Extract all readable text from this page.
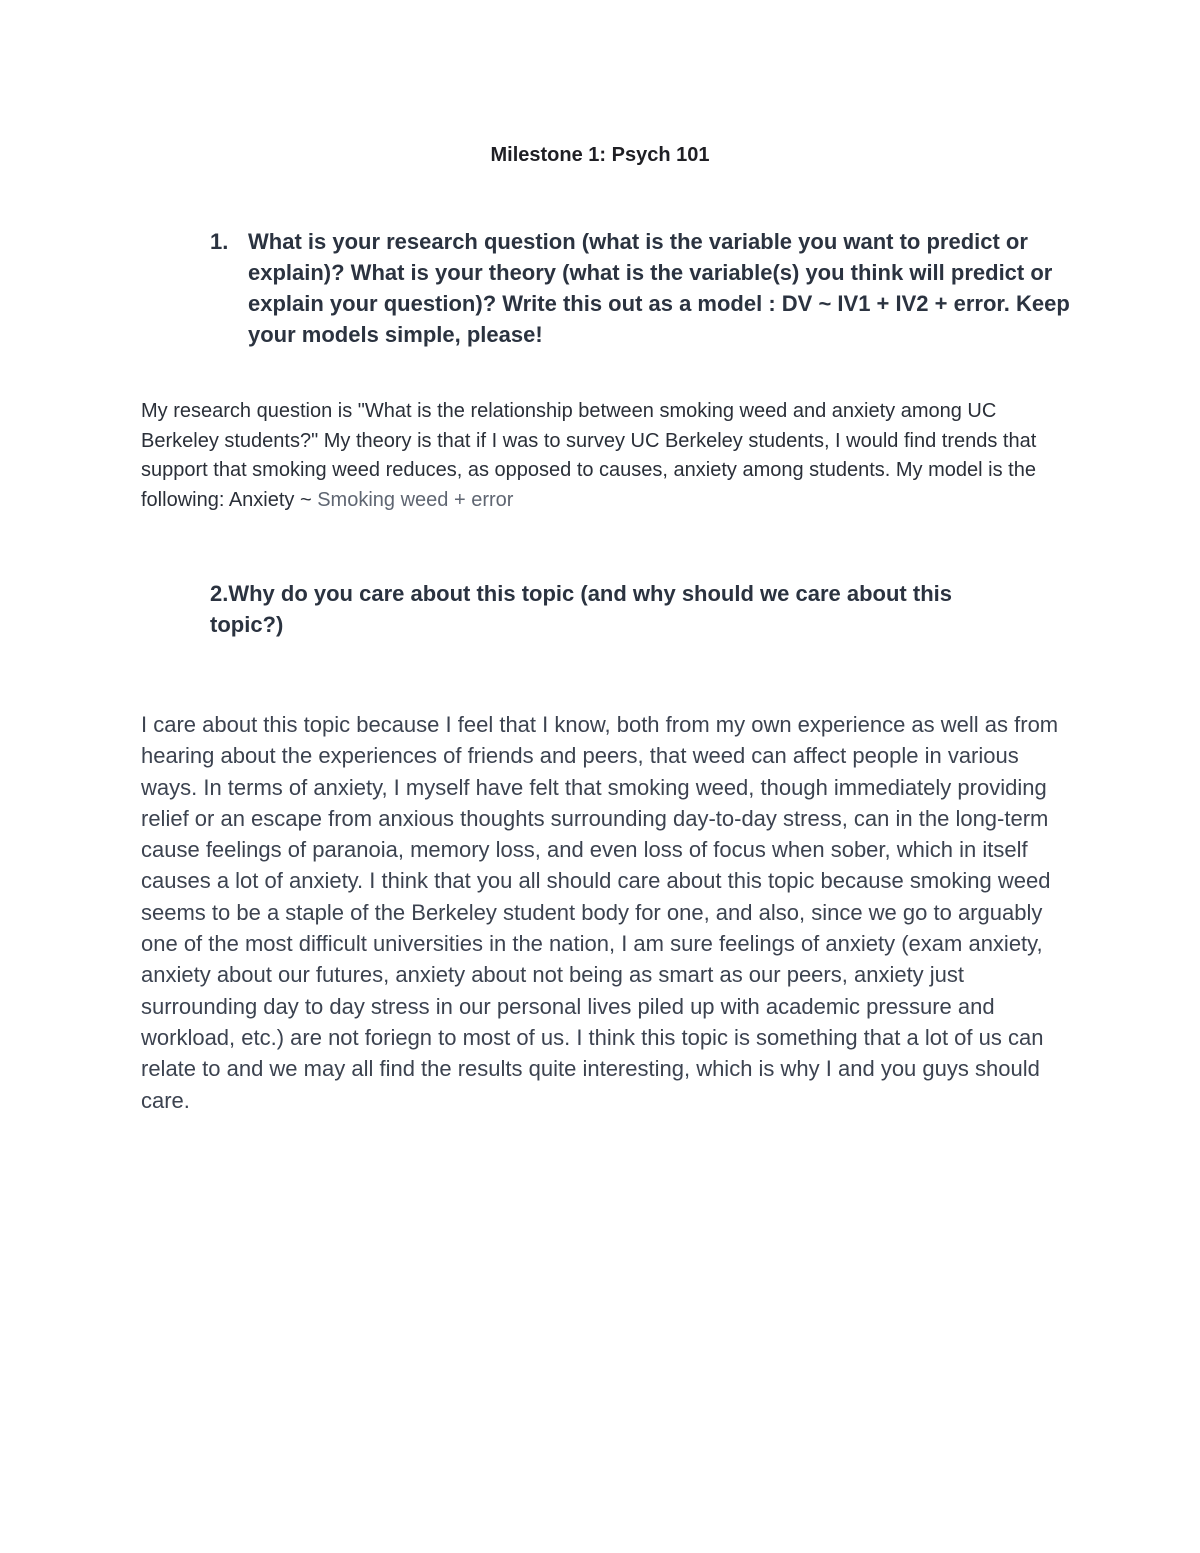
Milestone 1: Psych 101
1. What is your research question (what is the variable you want to predict or explain)? What is your theory (what is the variable(s) you think will predict or explain your question)? Write this out as a model : DV ~ IV1 + IV2 + error. Keep your models simple, please!
My research question is "What is the relationship between smoking weed and anxiety among UC Berkeley students?" My theory is that if I was to survey UC Berkeley students, I would find trends that support that smoking weed reduces, as opposed to causes, anxiety among students. My model is the following: Anxiety ~ Smoking weed + error
2.Why do you care about this topic (and why should we care about this topic?)
I care about this topic because I feel that I know, both from my own experience as well as from hearing about the experiences of friends and peers, that weed can affect people in various ways. In terms of anxiety, I myself have felt that smoking weed, though immediately providing relief or an escape from anxious thoughts surrounding day-to-day stress, can in the long-term cause feelings of paranoia, memory loss, and even loss of focus when sober, which in itself causes a lot of anxiety. I think that you all should care about this topic because smoking weed seems to be a staple of the Berkeley student body for one, and also, since we go to arguably one of the most difficult universities in the nation, I am sure feelings of anxiety (exam anxiety, anxiety about our futures, anxiety about not being as smart as our peers, anxiety just surrounding day to day stress in our personal lives piled up with academic pressure and workload, etc.) are not foriegn to most of us. I think this topic is something that a lot of us can relate to and we may all find the results quite interesting, which is why I and you guys should care.
